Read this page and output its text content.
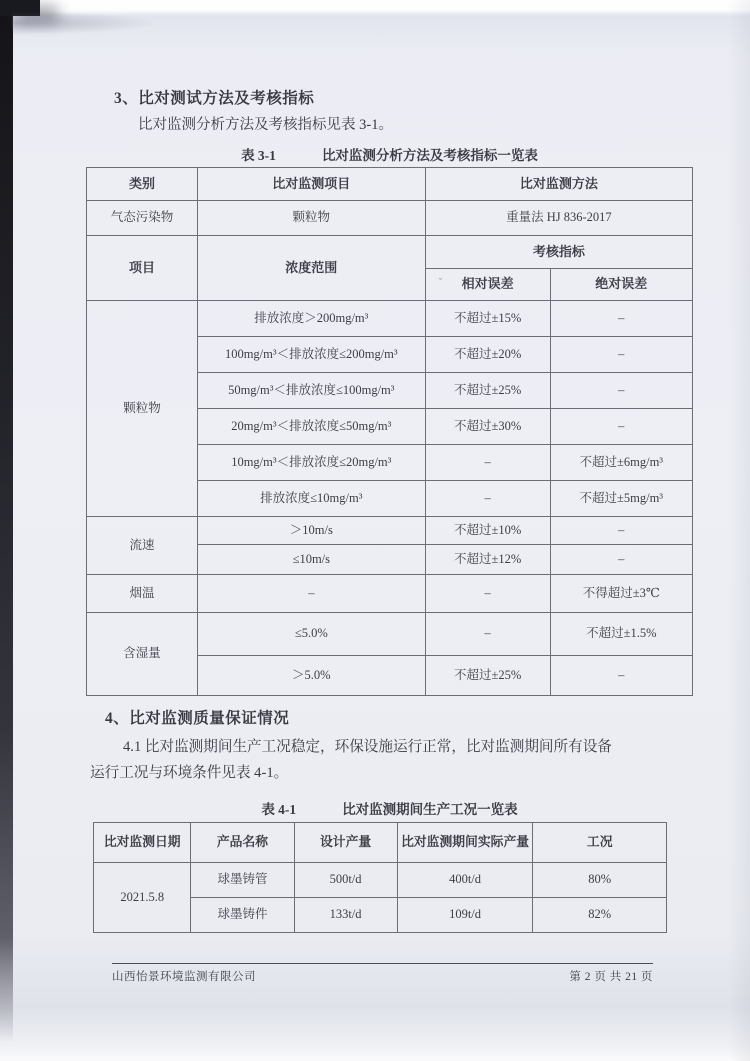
3、比对测试方法及考核指标
比对监测分析方法及考核指标见表 3-1。
表 3-1	比对监测分析方法及考核指标一览表
类别	比对监测项目	比对监测方法	
气态污染物	颗粒物	重量法 HJ 836-2017	
项目	浓度范围	考核指标	

		ˇ 相对误差	绝对误差
颗粒物	排放浓度＞200mg/m³	不超过±15%	–
	100mg/m³＜排放浓度≤200mg/m³	不超过±20%	–
	50mg/m³＜排放浓度≤100mg/m³	不超过±25%	–
	20mg/m³＜排放浓度≤50mg/m³	不超过±30%	–
	10mg/m³＜排放浓度≤20mg/m³	–	不超过±6mg/m³
	排放浓度≤10mg/m³	–	不超过±5mg/m³
流速	＞10m/s	不超过±10%	–
	≤10m/s	不超过±12%	–
烟温	–	–	不得超过±3℃
含湿量	≤5.0%	–	不超过±1.5%
	＞5.0%	不超过±25%	–
4、比对监测质量保证情况
4.1 比对监测期间生产工况稳定，环保设施运行正常，比对监测期间所有设备
运行工况与环境条件见表 4-1。
表 4-1	比对监测期间生产工况一览表
比对监测日期	产品名称	设计产量	比对监测期间实际产量	工况
2021.5.8	球墨铸管	500t/d	400t/d	80%
	球墨铸件	133t/d	109t/d	82%
山西怡景环境监测有限公司	第 2 页 共 21 页
